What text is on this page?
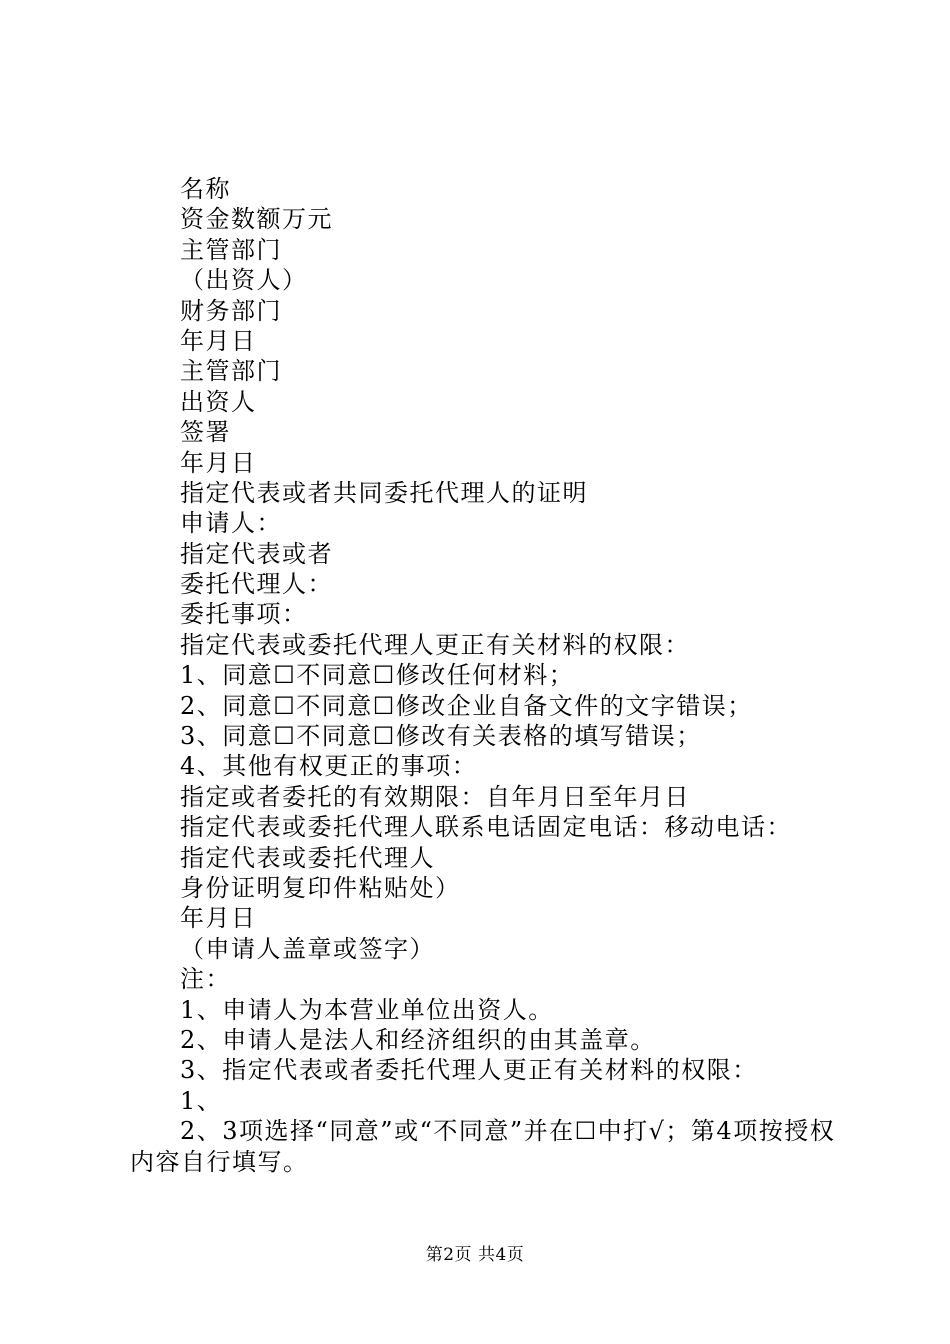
名称
资金数额万元
主管部门
（出资人）
财务部门
年月日
主管部门
出资人
签署
年月日
指定代表或者共同委托代理人的证明
申请人：
指定代表或者
委托代理人：
委托事项：
指定代表或委托代理人更正有关材料的权限：
1、同意☐不同意☐修改任何材料；
2、同意☐不同意☐修改企业自备文件的文字错误；
3、同意☐不同意☐修改有关表格的填写错误；
4、其他有权更正的事项：
指定或者委托的有效期限：自年月日至年月日
指定代表或委托代理人联系电话固定电话：移动电话：
指定代表或委托代理人
身份证明复印件粘贴处）
年月日
（申请人盖章或签字）
注：
1、申请人为本营业单位出资人。
2、申请人是法人和经济组织的由其盖章。
3、指定代表或者委托代理人更正有关材料的权限：
1、
2、3项选择“同意”或“不同意”并在☐中打√；第4项按授权内容自行填写。
第2页 共4页
